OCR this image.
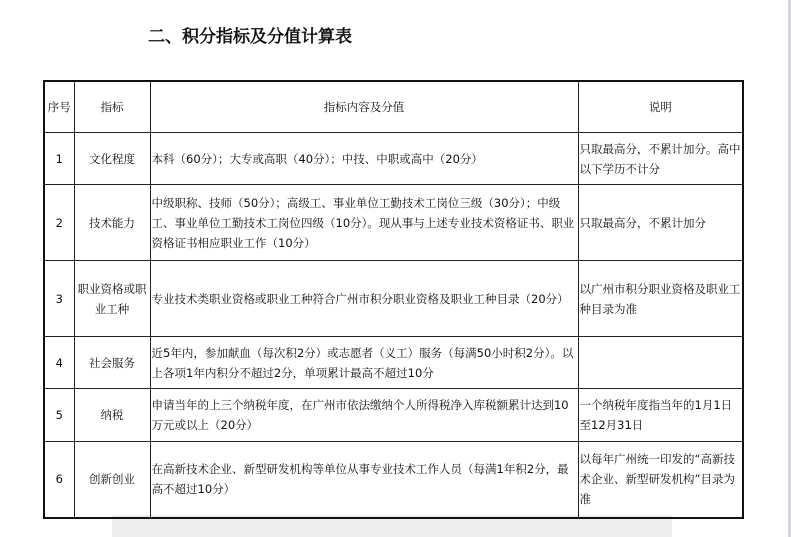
二、积分指标及分值计算表
序号	指标	指标内容及分值	说明
1	文化程度	本科（60分）；大专或高职（40分）；中技、中职或高中（20分）	只取最高分，不累计加分。高中以下学历不计分
2	技术能力	中级职称、技师（50分）；高级工、事业单位工勤技术工岗位三级（30分）；中级工、事业单位工勤技术工岗位四级（10分）。现从事与上述专业技术资格证书、职业资格证书相应职业工作（10分）	只取最高分，不累计加分
3	职业资格或职业工种	专业技术类职业资格或职业工种符合广州市积分职业资格及职业工种目录（20分）	以广州市积分职业资格及职业工种目录为准
4	社会服务	近5年内，参加献血（每次积2分）或志愿者（义工）服务（每满50小时积2分）。以上各项1年内积分不超过2分，单项累计最高不超过10分	
5	纳税	申请当年的上三个纳税年度，在广州市依法缴纳个人所得税净入库税额累计达到10万元或以上（20分）	一个纳税年度指当年的1月1日至12月31日
6	创新创业	在高新技术企业、新型研发机构等单位从事专业技术工作人员（每满1年积2分，最高不超过10分）	以每年广州统一印发的“高新技术企业、新型研发机构”目录为准
